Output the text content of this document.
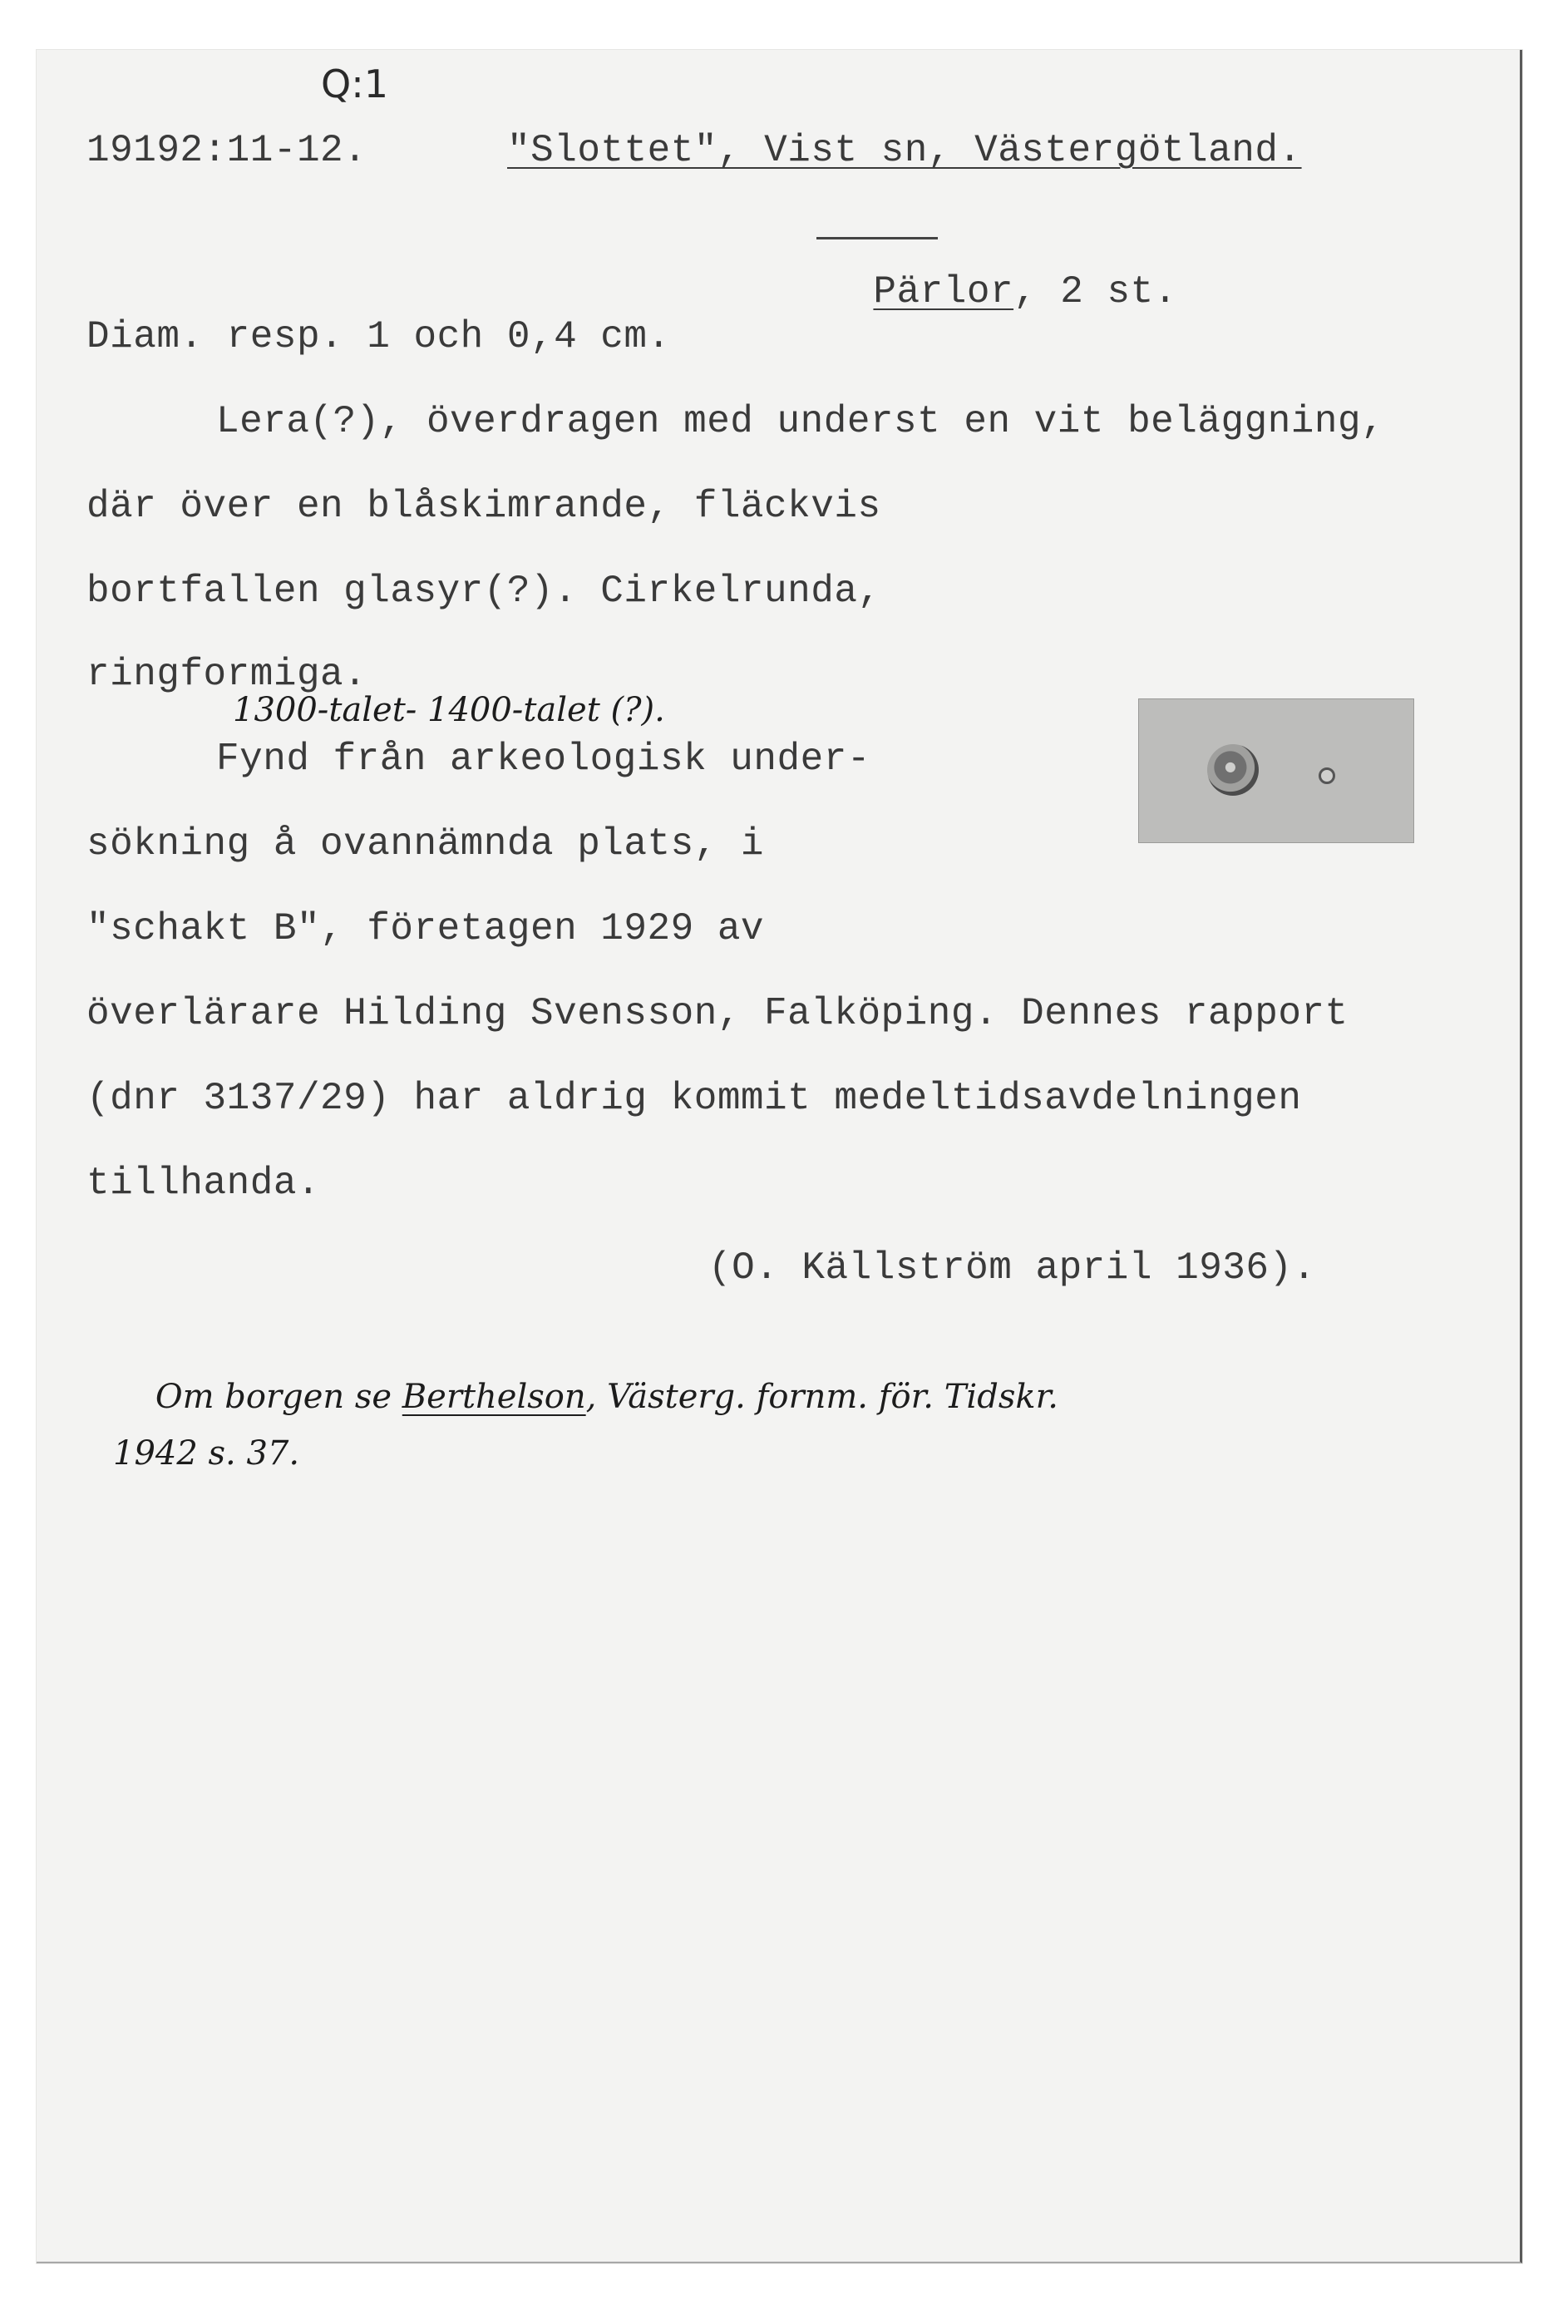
Q:1
19192:11-12.	"Slottet", Vist sn, Västergötland.

Pärlor, 2 st.

Diam. resp. 1 och 0,4 cm.
Lera(?), överdragen med underst en vit beläggning,
där över en blåskimrande, fläckvis
bortfallen glasyr(?). Cirkelrunda,
ringformiga.
1300-talet- 1400-talet (?).
Fynd från arkeologisk under-
sökning å ovannämnda plats, i
"schakt B", företagen 1929 av
överlärare Hilding Svensson, Falköping. Dennes rapport
(dnr 3137/29) har aldrig kommit medeltidsavdelningen
tillhanda.
(O. Källström april 1936).

Om borgen se Berthelson, Västerg. fornm. för. Tidskr.

1942 s. 37.
